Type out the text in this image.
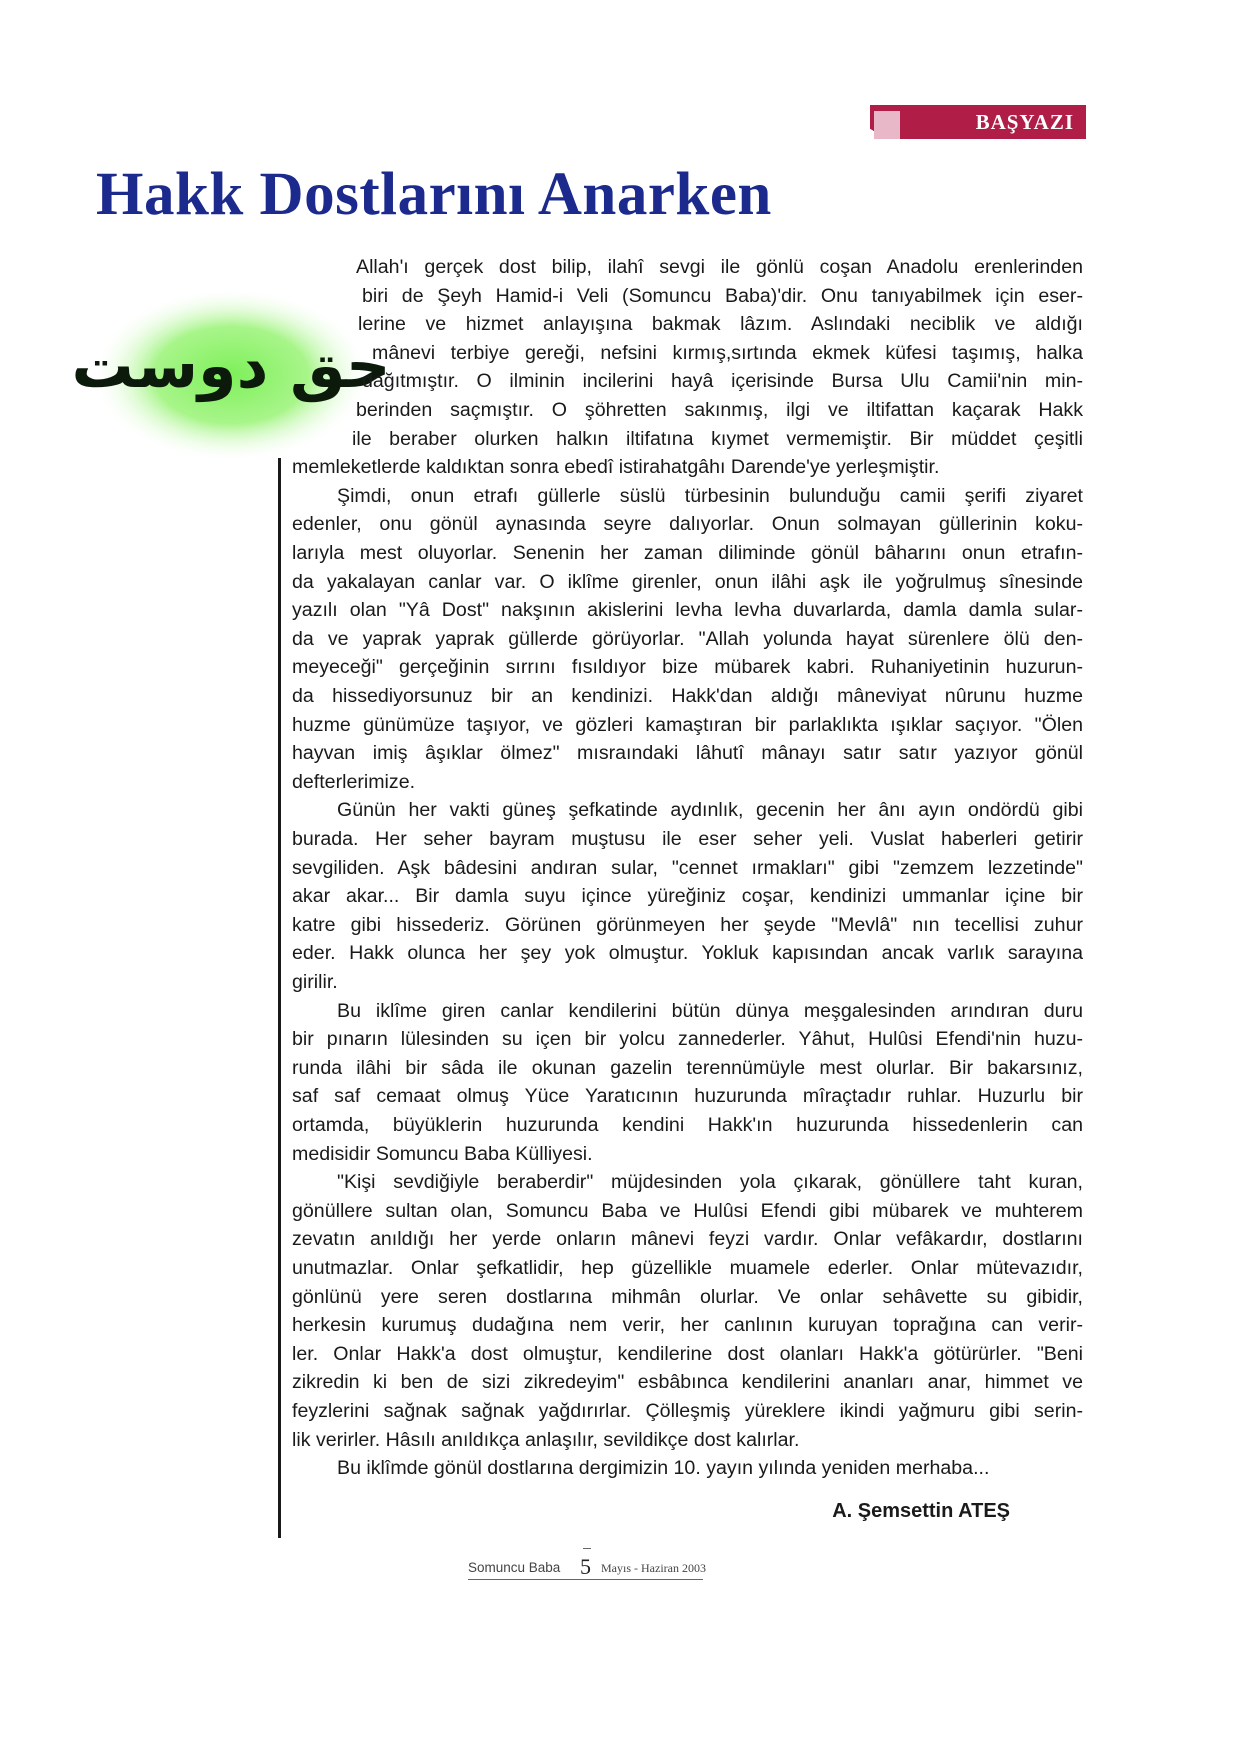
BAŞYAZI
Hakk Dostlarını Anarken
حق دوست
Allah'ı gerçek dost bilip, ilahî sevgi ile gönlü coşan Anadolu erenlerinden
biri de Şeyh Hamid-i Veli (Somuncu Baba)'dir. Onu tanıyabilmek için eser-
lerine ve hizmet anlayışına bakmak lâzım. Aslındaki neciblik ve aldığı
mânevi terbiye gereği, nefsini kırmış,sırtında ekmek küfesi taşımış, halka
dağıtmıştır. O ilminin incilerini hayâ içerisinde Bursa Ulu Camii'nin min-
berinden saçmıştır. O şöhretten sakınmış, ilgi ve iltifattan kaçarak Hakk
ile beraber olurken halkın iltifatına kıymet vermemiştir. Bir müddet çeşitli
memleketlerde kaldıktan sonra ebedî istirahatgâhı Darende'ye yerleşmiştir.
Şimdi, onun etrafı güllerle süslü türbesinin bulunduğu camii şerifi ziyaret
edenler, onu gönül aynasında seyre dalıyorlar. Onun solmayan güllerinin koku-
larıyla mest oluyorlar. Senenin her zaman diliminde gönül bâharını onun etrafın-
da yakalayan canlar var. O iklîme girenler, onun ilâhi aşk ile yoğrulmuş sînesinde
yazılı olan "Yâ Dost" nakşının akislerini levha levha duvarlarda, damla damla sular-
da ve yaprak yaprak güllerde görüyorlar. "Allah yolunda hayat sürenlere ölü den-
meyeceği" gerçeğinin sırrını fısıldıyor bize mübarek kabri. Ruhaniyetinin huzurun-
da hissediyorsunuz bir an kendinizi. Hakk'dan aldığı mâneviyat nûrunu huzme
huzme günümüze taşıyor, ve gözleri kamaştıran bir parlaklıkta ışıklar saçıyor. "Ölen
hayvan imiş âşıklar ölmez" mısraındaki lâhutî mânayı satır satır yazıyor gönül
defterlerimize.
Günün her vakti güneş şefkatinde aydınlık, gecenin her ânı ayın ondördü gibi
burada. Her seher bayram muştusu ile eser seher yeli. Vuslat haberleri getirir
sevgiliden. Aşk bâdesini andıran sular, "cennet ırmakları" gibi "zemzem lezzetinde"
akar akar... Bir damla suyu içince yüreğiniz coşar, kendinizi ummanlar içine bir
katre gibi hissederiz. Görünen görünmeyen her şeyde "Mevlâ" nın tecellisi zuhur
eder. Hakk olunca her şey yok olmuştur. Yokluk kapısından ancak varlık sarayına
girilir.
Bu iklîme giren canlar kendilerini bütün dünya meşgalesinden arındıran duru
bir pınarın lülesinden su içen bir yolcu zannederler. Yâhut, Hulûsi Efendi'nin huzu-
runda ilâhi bir sâda ile okunan gazelin terennümüyle mest olurlar. Bir bakarsınız,
saf saf cemaat olmuş Yüce Yaratıcının huzurunda mîraçtadır ruhlar. Huzurlu bir
ortamda, büyüklerin huzurunda kendini Hakk'ın huzurunda hissedenlerin can
medisidir Somuncu Baba Külliyesi.
"Kişi sevdiğiyle beraberdir" müjdesinden yola çıkarak, gönüllere taht kuran,
gönüllere sultan olan, Somuncu Baba ve Hulûsi Efendi gibi mübarek ve muhterem
zevatın anıldığı her yerde onların mânevi feyzi vardır. Onlar vefâkardır, dostlarını
unutmazlar. Onlar şefkatlidir, hep güzellikle muamele ederler. Onlar mütevazıdır,
gönlünü yere seren dostlarına mihmân olurlar. Ve onlar sehâvette su gibidir,
herkesin kurumuş dudağına nem verir, her canlının kuruyan toprağına can verir-
ler. Onlar Hakk'a dost olmuştur, kendilerine dost olanları Hakk'a götürürler. "Beni
zikredin ki ben de sizi zikredeyim" esbâbınca kendilerini ananları anar, himmet ve
feyzlerini sağnak sağnak yağdırırlar. Çölleşmiş yüreklere ikindi yağmuru gibi serin-
lik verirler. Hâsılı anıldıkça anlaşılır, sevildikçe dost kalırlar.
Bu iklîmde gönül dostlarına dergimizin 10. yayın yılında yeniden merhaba...
A. Şemsettin ATEŞ
Somuncu Baba 5 Mayıs - Haziran 2003
